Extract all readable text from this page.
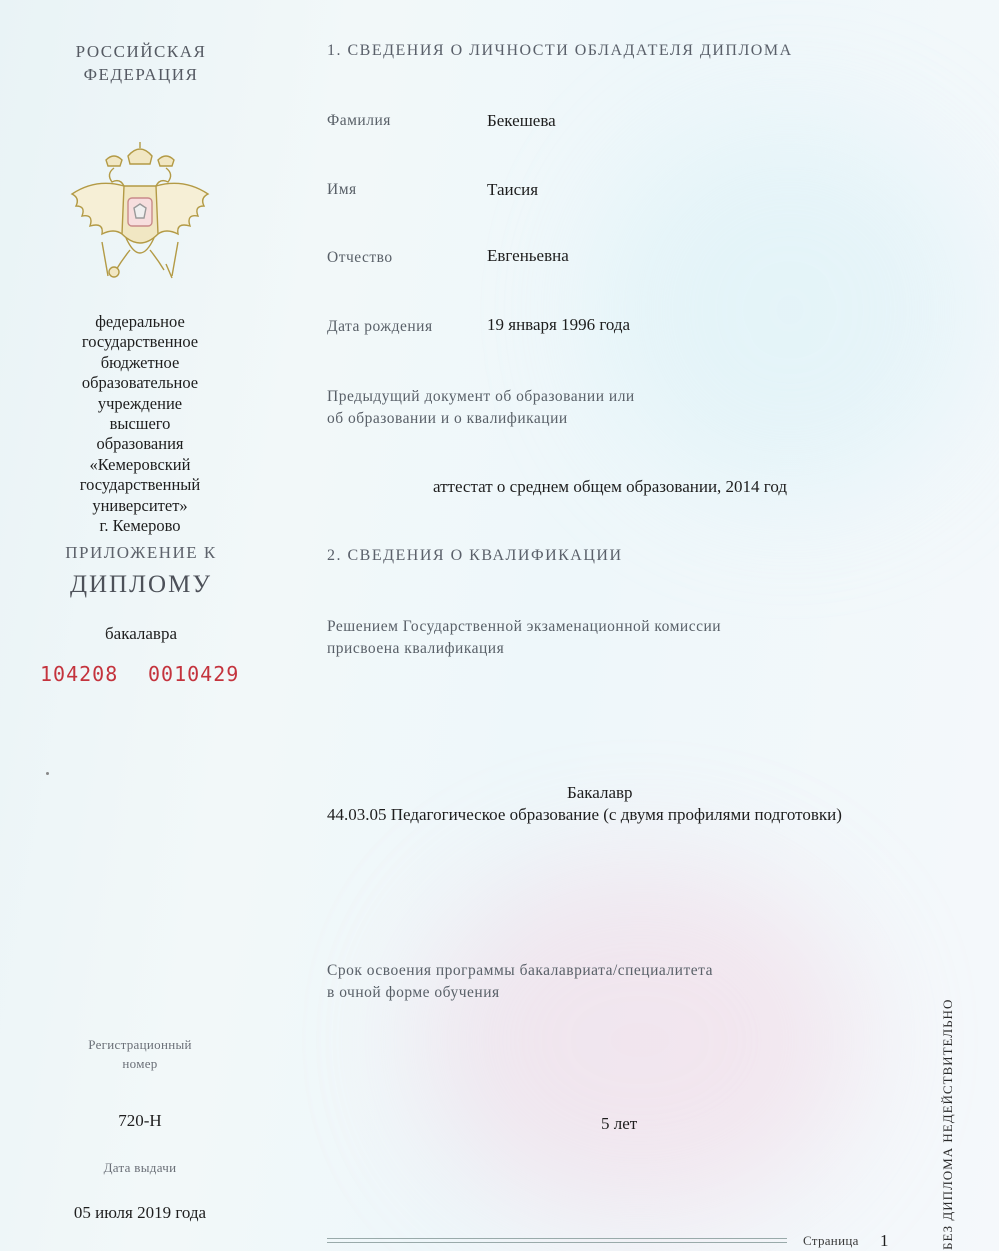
РОССИЙСКАЯ
ФЕДЕРАЦИЯ
федеральное
государственное
бюджетное
образовательное
учреждение
высшего
образования
«Кемеровский
государственный
университет»
г. Кемерово
ПРИЛОЖЕНИЕ К
ДИПЛОМУ
бакалавра
104208 0010429
Регистрационный
номер
720-Н
Дата выдачи
05 июля 2019 года
1. СВЕДЕНИЯ О ЛИЧНОСТИ ОБЛАДАТЕЛЯ ДИПЛОМА
Фамилия	Бекешева
Имя	Таисия
Отчество	Евгеньевна
Дата рождения	19 января 1996 года
Предыдущий документ об образовании или
об образовании и о квалификации
аттестат о среднем общем образовании, 2014 год
2. СВЕДЕНИЯ О КВАЛИФИКАЦИИ
Решением Государственной экзаменационной комиссии
присвоена квалификация
Бакалавр
44.03.05 Педагогическое образование (с двумя профилями подготовки)
Срок освоения программы бакалавриата/специалитета
в очной форме обучения
5 лет	БЕЗ ДИПЛОМА НЕДЕЙСТВИТЕЛЬНО
Страница 1
